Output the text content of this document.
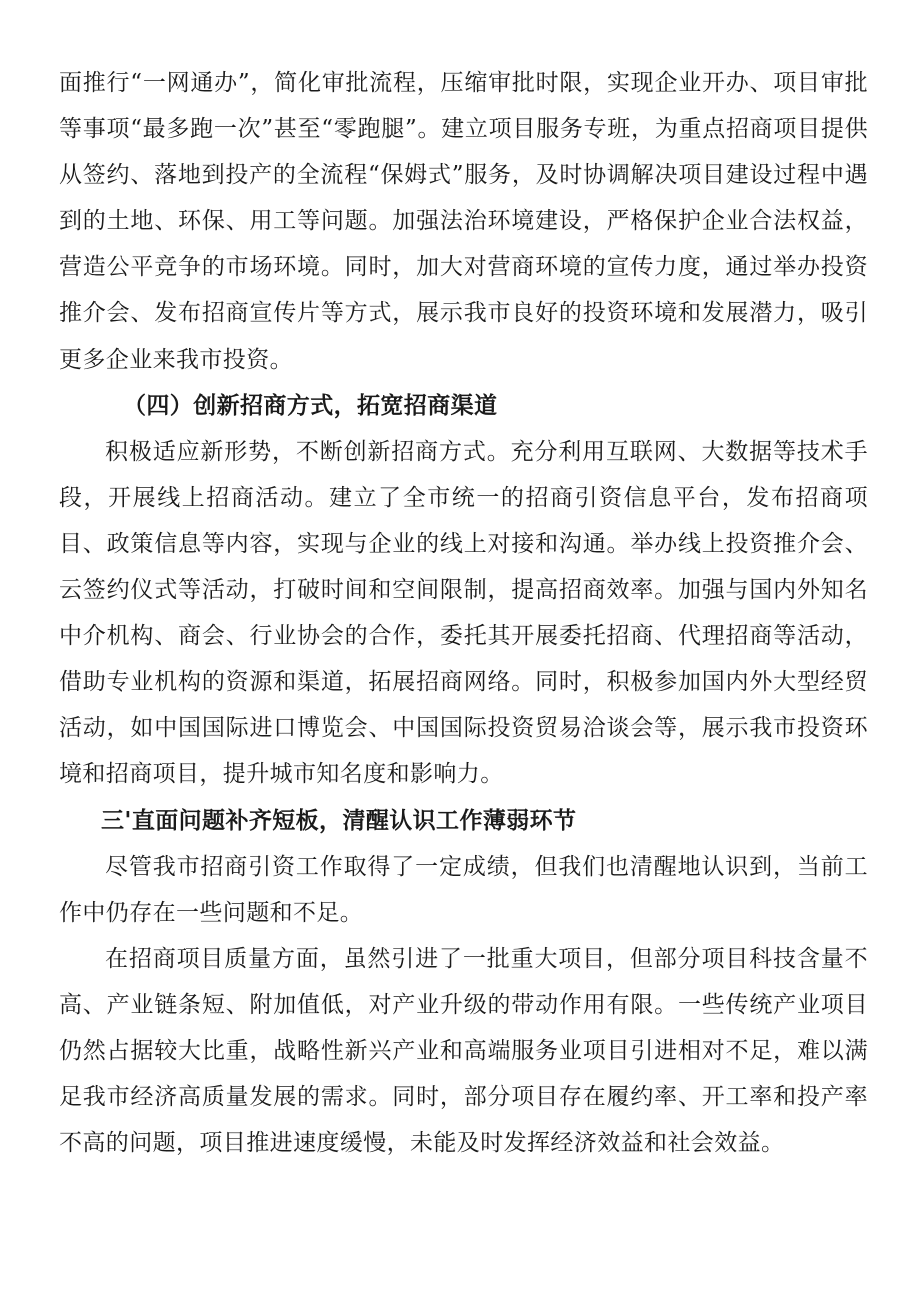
面推行“一网通办”，简化审批流程，压缩审批时限，实现企业开办、项目审批等事项“最多跑一次”甚至“零跑腿”。建立项目服务专班，为重点招商项目提供从签约、落地到投产的全流程“保姆式”服务，及时协调解决项目建设过程中遇到的土地、环保、用工等问题。加强法治环境建设，严格保护企业合法权益，营造公平竞争的市场环境。同时，加大对营商环境的宣传力度，通过举办投资推介会、发布招商宣传片等方式，展示我市良好的投资环境和发展潜力，吸引更多企业来我市投资。

（四）创新招商方式，拓宽招商渠道

积极适应新形势，不断创新招商方式。充分利用互联网、大数据等技术手段，开展线上招商活动。建立了全市统一的招商引资信息平台，发布招商项目、政策信息等内容，实现与企业的线上对接和沟通。举办线上投资推介会、云签约仪式等活动，打破时间和空间限制，提高招商效率。加强与国内外知名中介机构、商会、行业协会的合作，委托其开展委托招商、代理招商等活动，借助专业机构的资源和渠道，拓展招商网络。同时，积极参加国内外大型经贸活动，如中国国际进口博览会、中国国际投资贸易洽谈会等，展示我市投资环境和招商项目，提升城市知名度和影响力。

三'直面问题补齐短板，清醒认识工作薄弱环节

尽管我市招商引资工作取得了一定成绩，但我们也清醒地认识到，当前工作中仍存在一些问题和不足。

在招商项目质量方面，虽然引进了一批重大项目，但部分项目科技含量不高、产业链条短、附加值低，对产业升级的带动作用有限。一些传统产业项目仍然占据较大比重，战略性新兴产业和高端服务业项目引进相对不足，难以满足我市经济高质量发展的需求。同时，部分项目存在履约率、开工率和投产率不高的问题，项目推进速度缓慢，未能及时发挥经济效益和社会效益。
